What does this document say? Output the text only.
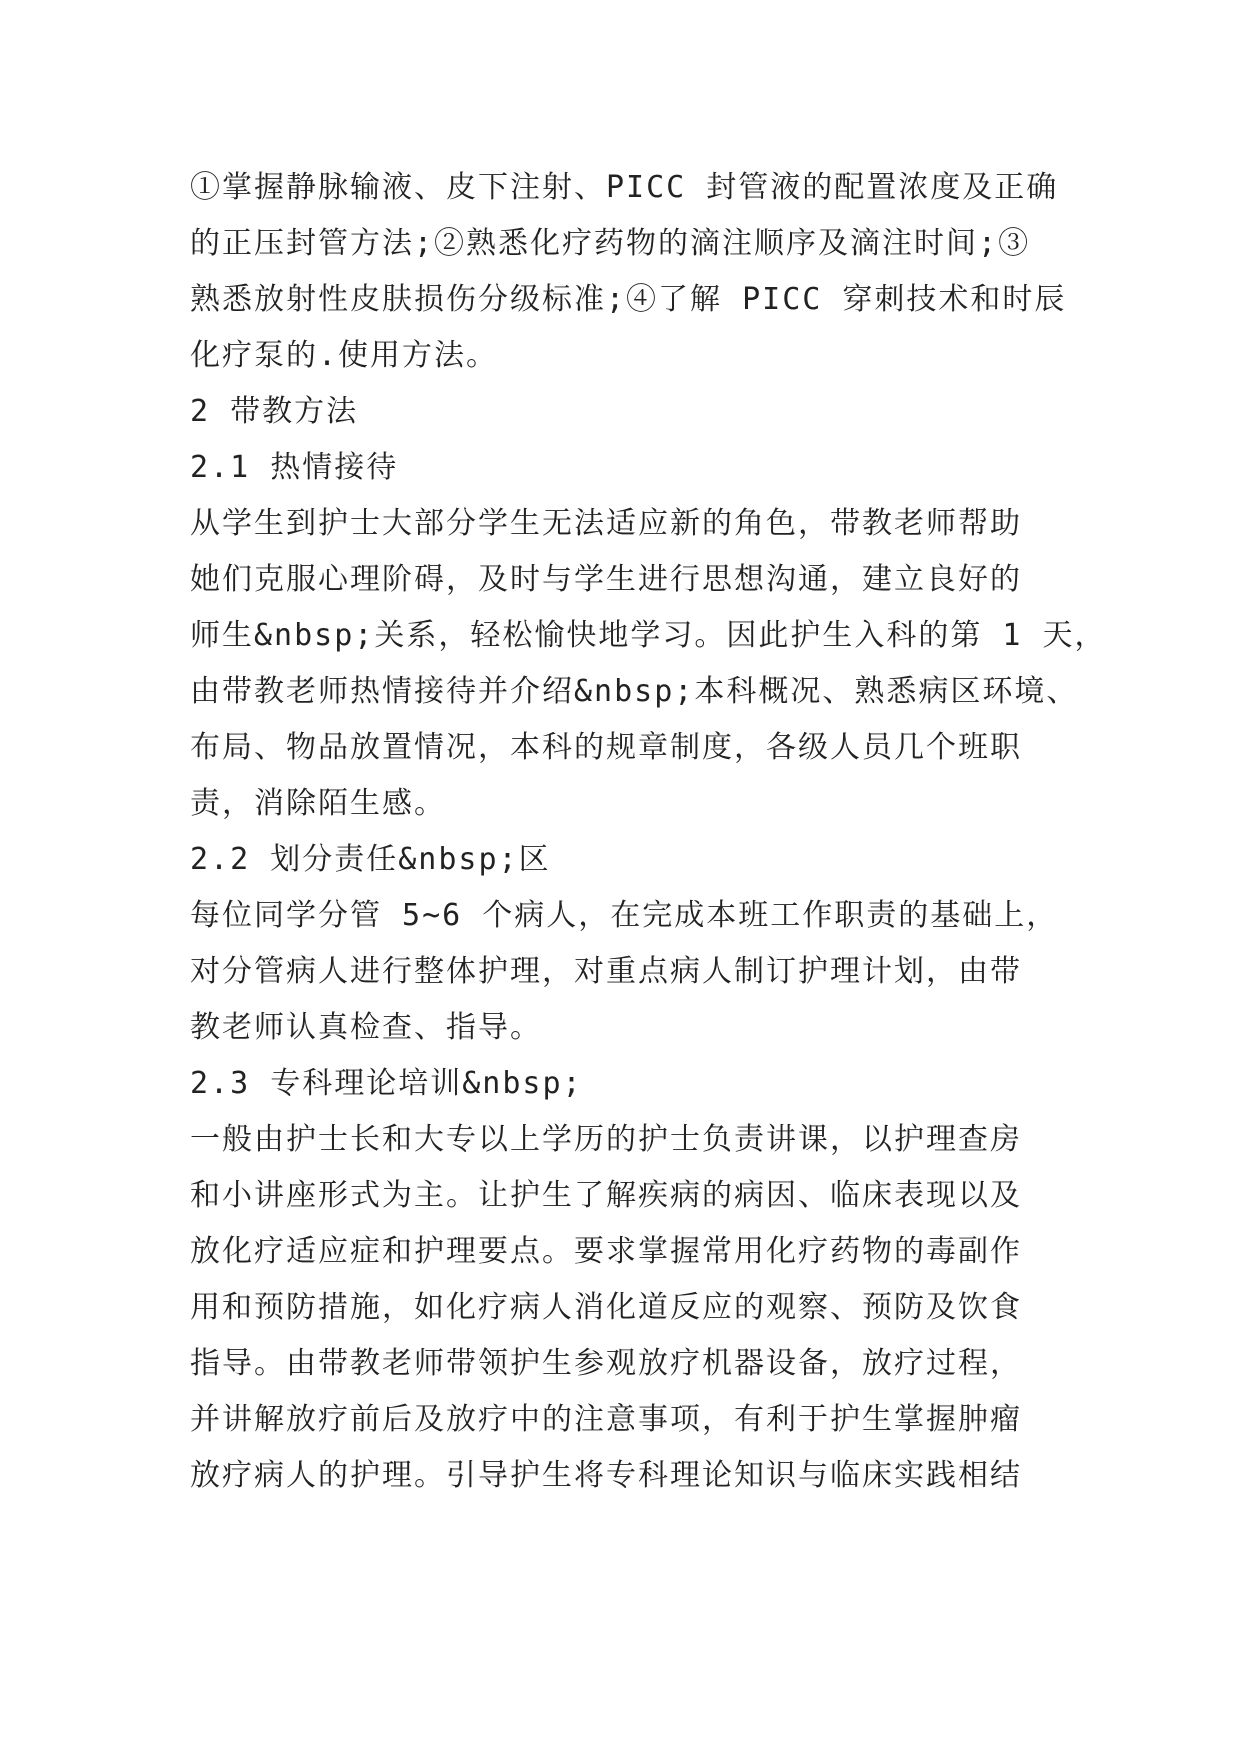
①掌握静脉输液、皮下注射、PICC 封管液的配置浓度及正确
的正压封管方法;②熟悉化疗药物的滴注顺序及滴注时间;③
熟悉放射性皮肤损伤分级标准;④了解 PICC 穿刺技术和时辰
化疗泵的.使用方法。
2 带教方法
2.1 热情接待
从学生到护士大部分学生无法适应新的角色，带教老师帮助
她们克服心理阶碍，及时与学生进行思想沟通，建立良好的
师生&nbsp;关系，轻松愉快地学习。因此护生入科的第 1 天，
由带教老师热情接待并介绍&nbsp;本科概况、熟悉病区环境、
布局、物品放置情况，本科的规章制度，各级人员几个班职
责，消除陌生感。
2.2 划分责任&nbsp;区
每位同学分管 5~6 个病人，在完成本班工作职责的基础上，
对分管病人进行整体护理，对重点病人制订护理计划，由带
教老师认真检查、指导。
2.3 专科理论培训&nbsp;
一般由护士长和大专以上学历的护士负责讲课，以护理查房
和小讲座形式为主。让护生了解疾病的病因、临床表现以及
放化疗适应症和护理要点。要求掌握常用化疗药物的毒副作
用和预防措施，如化疗病人消化道反应的观察、预防及饮食
指导。由带教老师带领护生参观放疗机器设备，放疗过程，
并讲解放疗前后及放疗中的注意事项，有利于护生掌握肿瘤
放疗病人的护理。引导护生将专科理论知识与临床实践相结
